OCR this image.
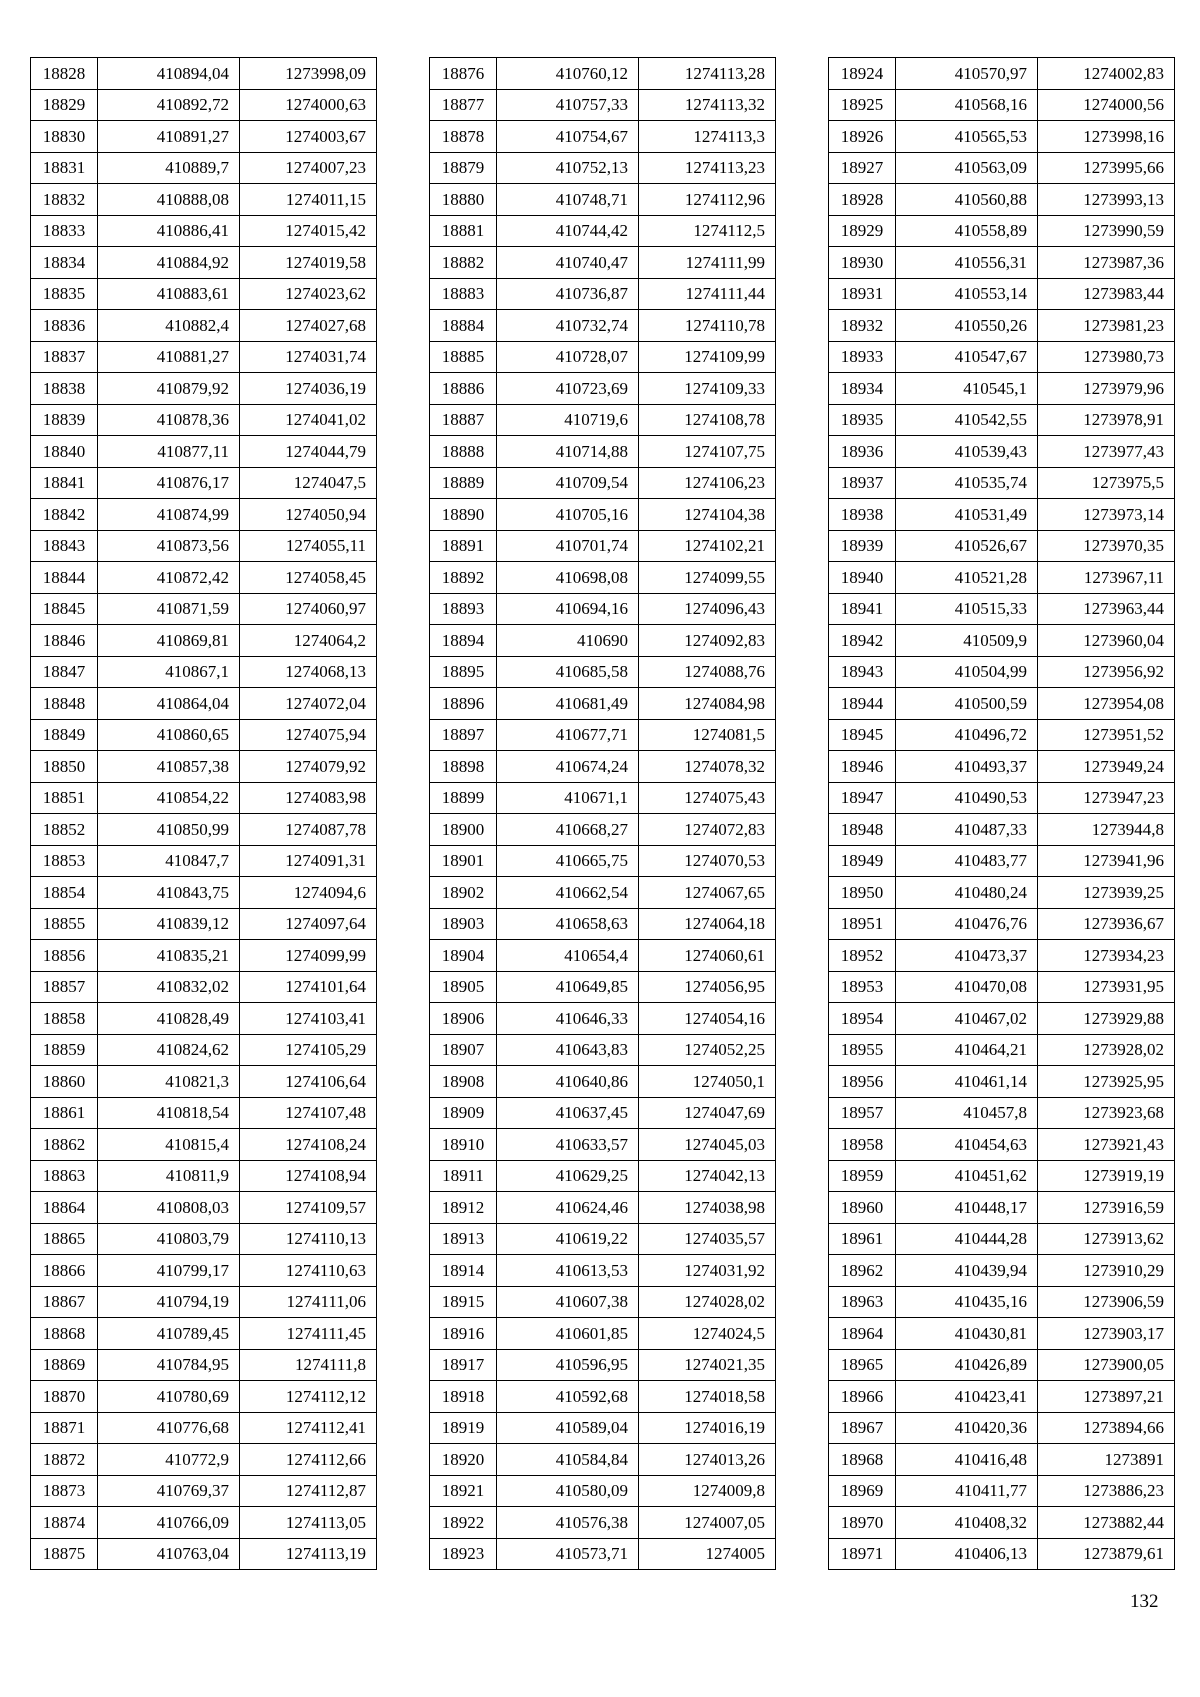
18828	410894,04	1273998,09
18829	410892,72	1274000,63
18830	410891,27	1274003,67
18831	410889,7	1274007,23
18832	410888,08	1274011,15
18833	410886,41	1274015,42
18834	410884,92	1274019,58
18835	410883,61	1274023,62
18836	410882,4	1274027,68
18837	410881,27	1274031,74
18838	410879,92	1274036,19
18839	410878,36	1274041,02
18840	410877,11	1274044,79
18841	410876,17	1274047,5
18842	410874,99	1274050,94
18843	410873,56	1274055,11
18844	410872,42	1274058,45
18845	410871,59	1274060,97
18846	410869,81	1274064,2
18847	410867,1	1274068,13
18848	410864,04	1274072,04
18849	410860,65	1274075,94
18850	410857,38	1274079,92
18851	410854,22	1274083,98
18852	410850,99	1274087,78
18853	410847,7	1274091,31
18854	410843,75	1274094,6
18855	410839,12	1274097,64
18856	410835,21	1274099,99
18857	410832,02	1274101,64
18858	410828,49	1274103,41
18859	410824,62	1274105,29
18860	410821,3	1274106,64
18861	410818,54	1274107,48
18862	410815,4	1274108,24
18863	410811,9	1274108,94
18864	410808,03	1274109,57
18865	410803,79	1274110,13
18866	410799,17	1274110,63
18867	410794,19	1274111,06
18868	410789,45	1274111,45
18869	410784,95	1274111,8
18870	410780,69	1274112,12
18871	410776,68	1274112,41
18872	410772,9	1274112,66
18873	410769,37	1274112,87
18874	410766,09	1274113,05
18875	410763,04	1274113,19
18876	410760,12	1274113,28
18877	410757,33	1274113,32
18878	410754,67	1274113,3
18879	410752,13	1274113,23
18880	410748,71	1274112,96
18881	410744,42	1274112,5
18882	410740,47	1274111,99
18883	410736,87	1274111,44
18884	410732,74	1274110,78
18885	410728,07	1274109,99
18886	410723,69	1274109,33
18887	410719,6	1274108,78
18888	410714,88	1274107,75
18889	410709,54	1274106,23
18890	410705,16	1274104,38
18891	410701,74	1274102,21
18892	410698,08	1274099,55
18893	410694,16	1274096,43
18894	410690	1274092,83
18895	410685,58	1274088,76
18896	410681,49	1274084,98
18897	410677,71	1274081,5
18898	410674,24	1274078,32
18899	410671,1	1274075,43
18900	410668,27	1274072,83
18901	410665,75	1274070,53
18902	410662,54	1274067,65
18903	410658,63	1274064,18
18904	410654,4	1274060,61
18905	410649,85	1274056,95
18906	410646,33	1274054,16
18907	410643,83	1274052,25
18908	410640,86	1274050,1
18909	410637,45	1274047,69
18910	410633,57	1274045,03
18911	410629,25	1274042,13
18912	410624,46	1274038,98
18913	410619,22	1274035,57
18914	410613,53	1274031,92
18915	410607,38	1274028,02
18916	410601,85	1274024,5
18917	410596,95	1274021,35
18918	410592,68	1274018,58
18919	410589,04	1274016,19
18920	410584,84	1274013,26
18921	410580,09	1274009,8
18922	410576,38	1274007,05
18923	410573,71	1274005
18924	410570,97	1274002,83
18925	410568,16	1274000,56
18926	410565,53	1273998,16
18927	410563,09	1273995,66
18928	410560,88	1273993,13
18929	410558,89	1273990,59
18930	410556,31	1273987,36
18931	410553,14	1273983,44
18932	410550,26	1273981,23
18933	410547,67	1273980,73
18934	410545,1	1273979,96
18935	410542,55	1273978,91
18936	410539,43	1273977,43
18937	410535,74	1273975,5
18938	410531,49	1273973,14
18939	410526,67	1273970,35
18940	410521,28	1273967,11
18941	410515,33	1273963,44
18942	410509,9	1273960,04
18943	410504,99	1273956,92
18944	410500,59	1273954,08
18945	410496,72	1273951,52
18946	410493,37	1273949,24
18947	410490,53	1273947,23
18948	410487,33	1273944,8
18949	410483,77	1273941,96
18950	410480,24	1273939,25
18951	410476,76	1273936,67
18952	410473,37	1273934,23
18953	410470,08	1273931,95
18954	410467,02	1273929,88
18955	410464,21	1273928,02
18956	410461,14	1273925,95
18957	410457,8	1273923,68
18958	410454,63	1273921,43
18959	410451,62	1273919,19
18960	410448,17	1273916,59
18961	410444,28	1273913,62
18962	410439,94	1273910,29
18963	410435,16	1273906,59
18964	410430,81	1273903,17
18965	410426,89	1273900,05
18966	410423,41	1273897,21
18967	410420,36	1273894,66
18968	410416,48	1273891
18969	410411,77	1273886,23
18970	410408,32	1273882,44
18971	410406,13	1273879,61
132
